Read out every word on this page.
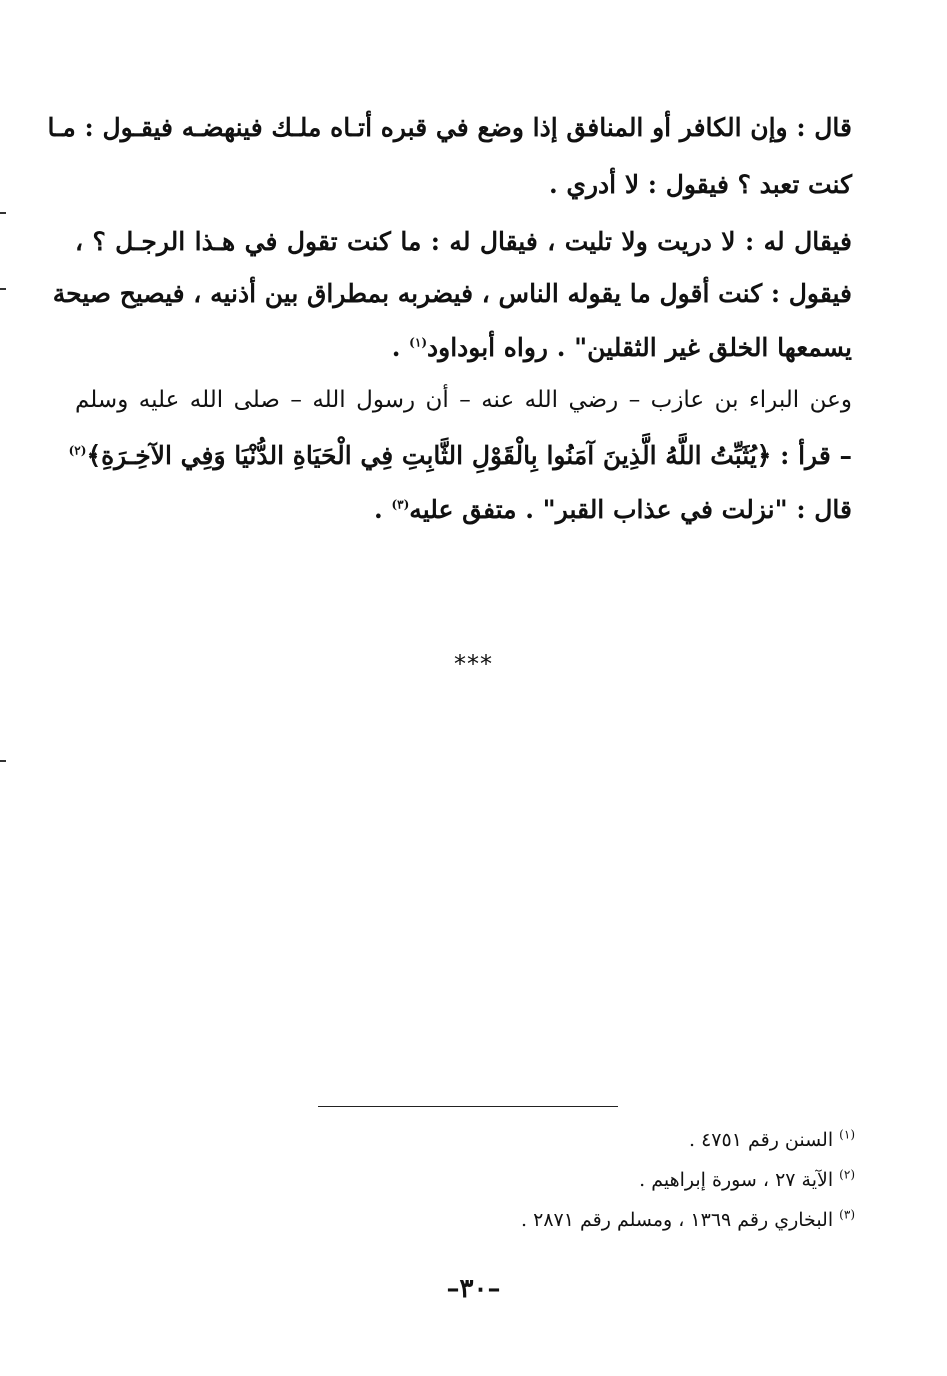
قال : وإن الكافر أو المنافق إذا وضع في قبره أتـاه ملـك فينهضـه فيقـول : مـا
كنت تعبد ؟ فيقول : لا أدري .
فيقال له : لا دريت ولا تليت ، فيقال له : ما كنت تقول في هـذا الرجـل ؟ ،
فيقول : كنت أقول ما يقوله الناس ، فيضربه بمطراق بين أذنيه ، فيصيح صيحة
يسمعها الخلق غير الثقلين" . رواه أبوداود$^{(١)}$ .
وعن البراء بن عازب – رضي الله عنه – أن رسول الله – صلى الله عليه وسلم
– قرأ : ﴿يُثَبِّتُ اللَّهُ الَّذِينَ آمَنُوا بِالْقَوْلِ الثَّابِتِ فِي الْحَيَاةِ الدُّنْيَا وَفِي الآخِـرَةِ﴾$^{(٢)}$
قال : "نزلت في عذاب القبر" . متفق عليه$^{(٣)}$ .
***
$^{(١)}$ السنن رقم ٤٧٥١ .
$^{(٢)}$ الآية ٢٧ ، سورة إبراهيم .
$^{(٣)}$ البخاري رقم ١٣٦٩ ، ومسلم رقم ٢٨٧١ .
–٣٠–
